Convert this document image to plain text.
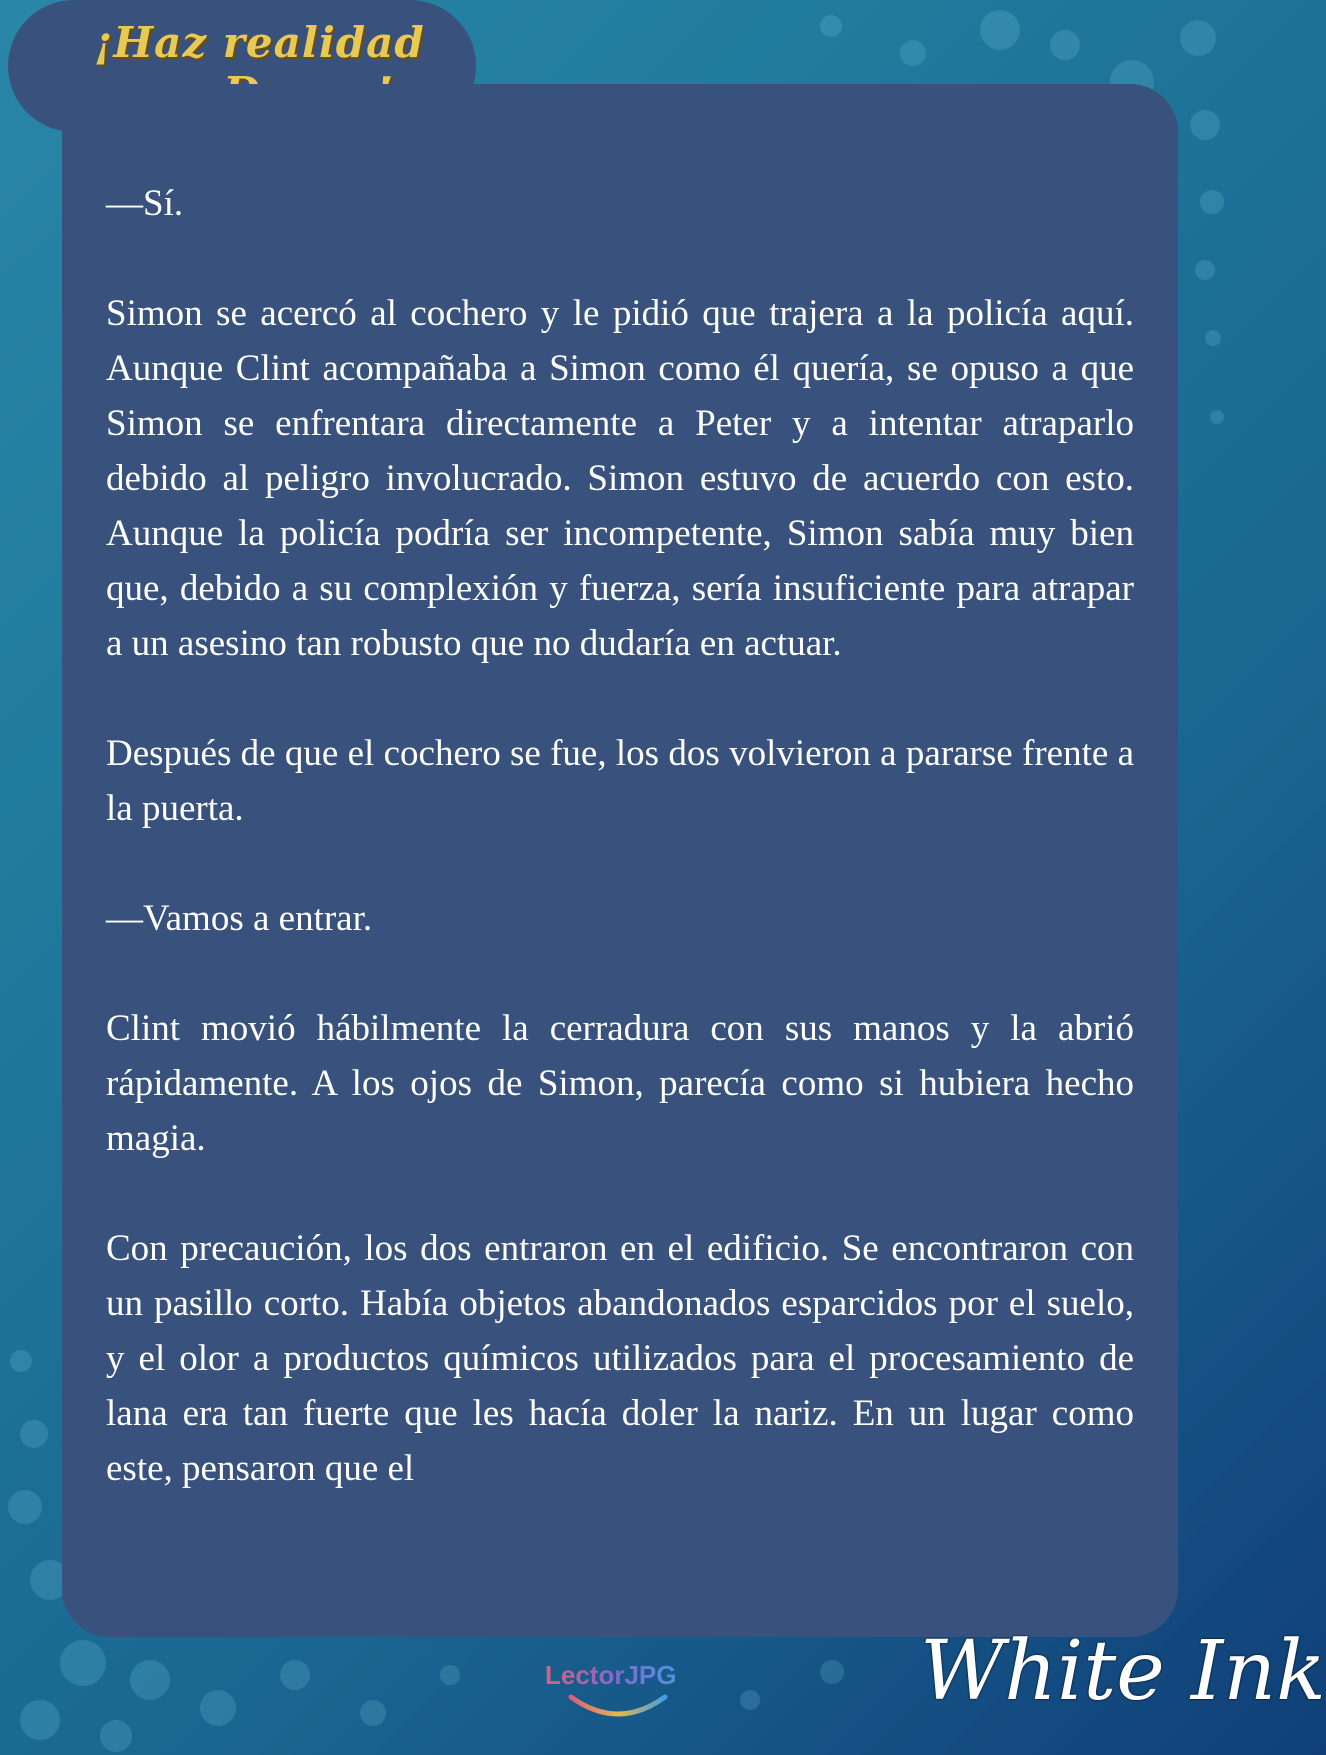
¡Haz realidad

—Sí.

Simon se acercó al cochero y le pidió que trajera a la policía aquí. Aunque Clint acompañaba a Simon como él quería, se opuso a que Simon se enfrentara directamente a Peter y a intentar atraparlo debido al peligro involucrado. Simon estuvo de acuerdo con esto. Aunque la policía podría ser incompetente, Simon sabía muy bien que, debido a su complexión y fuerza, sería insuficiente para atrapar a un asesino tan robusto que no dudaría en actuar.

Después de que el cochero se fue, los dos volvieron a pararse frente a la puerta.

—Vamos a entrar.

Clint movió hábilmente la cerradura con sus manos y la abrió rápidamente. A los ojos de Simon, parecía como si hubiera hecho magia.

Con precaución, los dos entraron en el edificio. Se encontraron con un pasillo corto. Había objetos abandonados esparcidos por el suelo, y el olor a productos químicos utilizados para el procesamiento de lana era tan fuerte que les hacía doler la nariz. En un lugar como este, pensaron que el

LectorJPG	White Ink
